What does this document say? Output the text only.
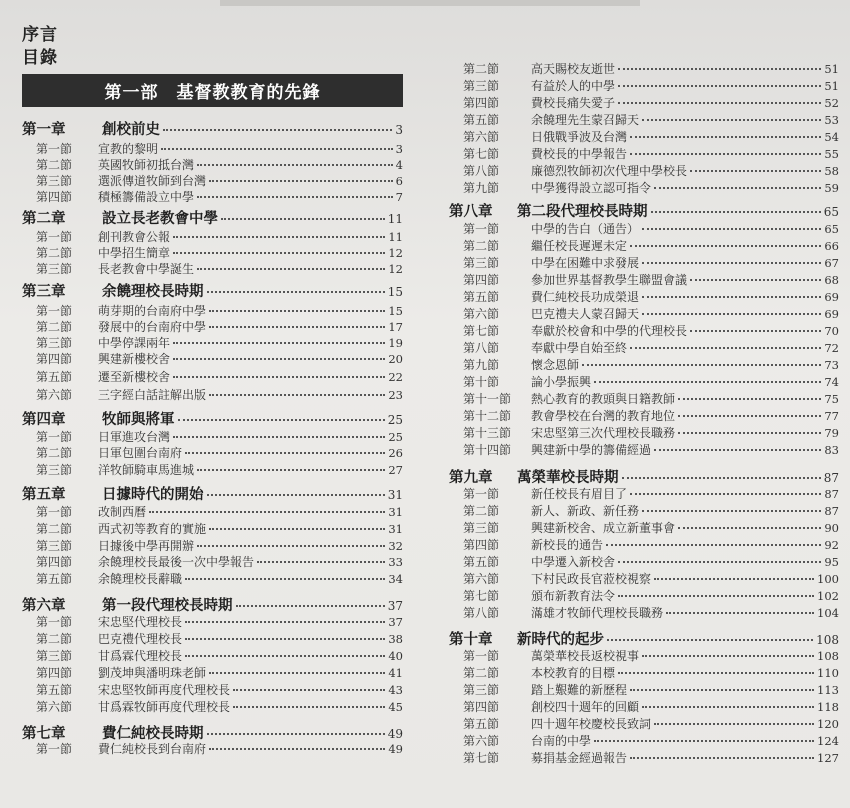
序言
目錄
第一部　基督教教育的先鋒
第一章	創校前史	3
第一節	宣教的黎明	3
第二節	英國牧師初抵台灣	4
第三節	選派傳道牧師到台灣	6
第四節	積極籌備設立中學	7
第二章	設立長老教會中學	11
第一節	創刊教會公報	11
第二節	中學招生簡章	12
第三節	長老教會中學誕生	12
第三章	余饒理校長時期	15
第一節	萌芽期的台南府中學	15
第二節	發展中的台南府中學	17
第三節	中學停課兩年	19
第四節	興建新樓校舍	20
第五節	遷至新樓校舍	22
第六節	三字經白話註解出版	23
第四章	牧師與將軍	25
第一節	日軍進攻台灣	25
第二節	日軍包圍台南府	26
第三節	洋牧師騎車馬進城	27
第五章	日據時代的開始	31
第一節	改制西曆	31
第二節	西式初等教育的實施	31
第三節	日據後中學再開辦	32
第四節	余饒理校長最後一次中學報告	33
第五節	余饒理校長辭職	34
第六章	第一段代理校長時期	37
第一節	宋忠堅代理校長	37
第二節	巴克禮代理校長	38
第三節	甘爲霖代理校長	40
第四節	劉茂坤與潘明珠老師	41
第五節	宋忠堅牧師再度代理校長	43
第六節	甘爲霖牧師再度代理校長	45
第七章	費仁純校長時期	49
第一節	費仁純校長到台南府	49
第二節	高天賜校友逝世	51
第三節	有益於人的中學	51
第四節	費校長痛失愛子	52
第五節	余饒理先生蒙召歸天	53
第六節	日俄戰爭波及台灣	54
第七節	費校長的中學報告	55
第八節	廉德烈牧師初次代理中學校長	58
第九節	中學獲得設立認可指令	59
第八章	第二段代理校長時期	65
第一節	中學的告白（通告）	65
第二節	繼任校長遲遲未定	66
第三節	中學在困難中求發展	67
第四節	參加世界基督教學生聯盟會議	68
第五節	費仁純校長功成榮退	69
第六節	巴克禮夫人蒙召歸天	69
第七節	奉獻於校會和中學的代理校長	70
第八節	奉獻中學自始至終	72
第九節	懷念恩師	73
第十節	論小學振興	74
第十一節	熱心教育的教頭與日籍教師	75
第十二節	教會學校在台灣的教育地位	77
第十三節	宋忠堅第三次代理校長職務	79
第十四節	興建新中學的籌備經過	83
第九章	萬榮華校長時期	87
第一節	新任校長有眉目了	87
第二節	新人、新政、新任務	87
第三節	興建新校舍、成立新董事會	90
第四節	新校長的通告	92
第五節	中學遷入新校舍	95
第六節	下村民政長官蒞校視察	100
第七節	頒布新教育法令	102
第八節	滿雄才牧師代理校長職務	104
第十章	新時代的起步	108
第一節	萬榮華校長返校視事	108
第二節	本校教育的目標	110
第三節	踏上艱難的新歷程	113
第四節	創校四十週年的回顧	118
第五節	四十週年校慶校長致詞	120
第六節	台南的中學	124
第七節	募捐基金經過報告	127
